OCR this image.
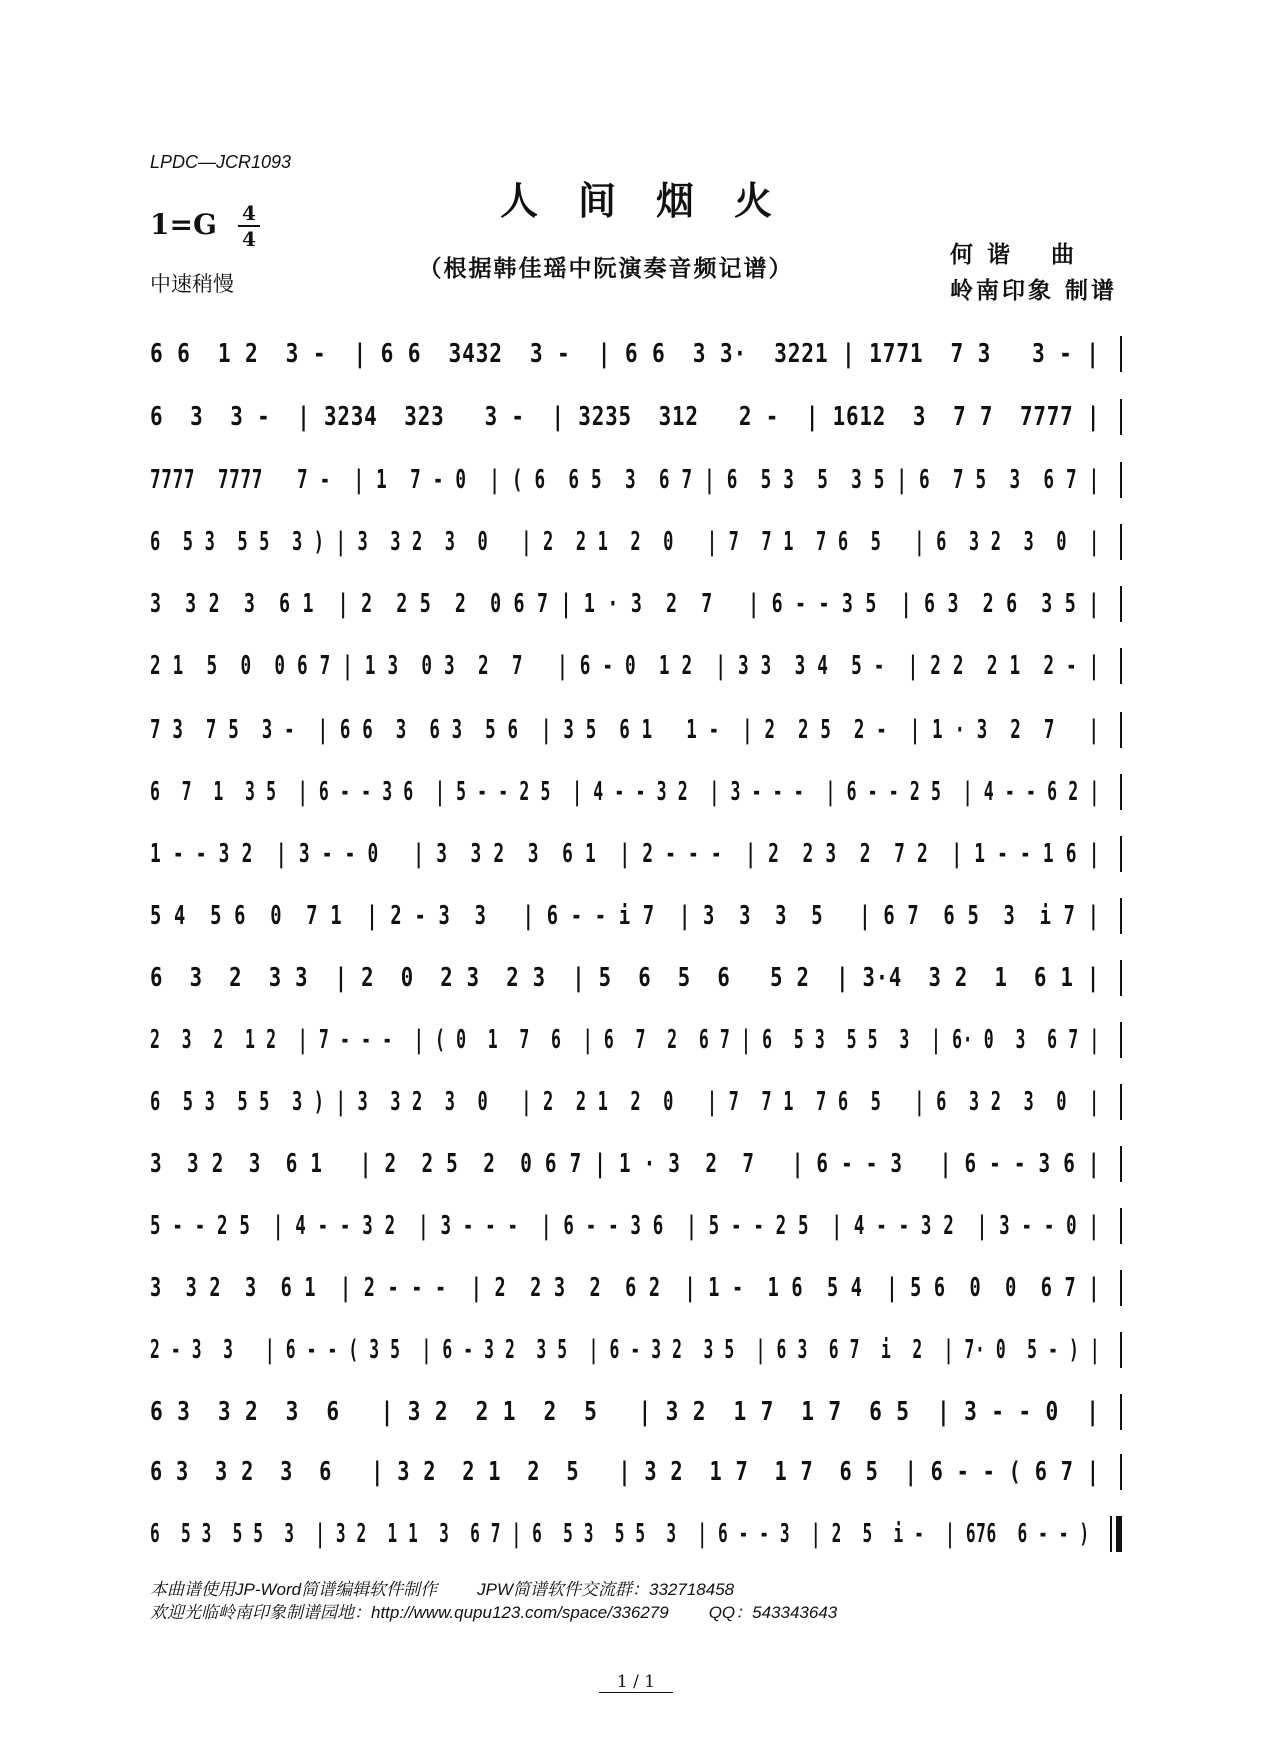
LPDC—JCR1093
人间烟火
1=G 4
4
中速稍慢
（根据韩佳瑶中阮演奏音频记谱）
何 谐 曲
岭南印象 制谱
6 6  1 2  3 -  | 6 6  3432  3 -  | 6 6  3 3·  3221 | 1771  7 3   3 - |
6  3  3 -  | 3234  323   3 -  | 3235  312   2 -  | 1612  3  7 7  7777 |
7777  7777   7 -  | 1  7 - 0  | ( 6  6 5  3  6 7 | 6  5 3  5  3 5 | 6  7 5  3  6 7 |
6  5 3  5 5  3 ) | 3  3 2  3  0   | 2  2 1  2  0   | 7  7 1  7 6  5   | 6  3 2  3  0  |
3  3 2  3  6 1  | 2  2 5  2  0 6 7 | 1 · 3  2  7   | 6 - - 3 5  | 6 3  2 6  3 5 |
2 1  5  0  0 6 7 | 1 3  0 3  2  7   | 6 - 0  1 2  | 3 3  3 4  5 -  | 2 2  2 1  2 - |
7 3  7 5  3 -  | 6 6  3  6 3  5 6  | 3 5  6 1   1 -  | 2  2 5  2 -  | 1 · 3  2  7   |
6  7  1  3 5  | 6 - - 3 6  | 5 - - 2 5  | 4 - - 3 2  | 3 - - -  | 6 - - 2 5  | 4 - - 6 2 |
1 - - 3 2  | 3 - - 0   | 3  3 2  3  6 1  | 2 - - -  | 2  2 3  2  7 2  | 1 - - 1 6 |
5 4  5 6  0  7 1  | 2 - 3  3   | 6 - - i 7  | 3  3  3  5   | 6 7  6 5  3  i 7 |
6  3  2  3 3  | 2  0  2 3  2 3  | 5  6  5  6   5 2  | 3·4  3 2  1  6 1 |
2  3  2  1 2  | 7 - - -  | ( 0  1  7  6  | 6  7  2  6 7 | 6  5 3  5 5  3  | 6· 0  3  6 7 |
6  5 3  5 5  3 ) | 3  3 2  3  0   | 2  2 1  2  0   | 7  7 1  7 6  5   | 6  3 2  3  0  |
3  3 2  3  6 1   | 2  2 5  2  0 6 7 | 1 · 3  2  7   | 6 - - 3   | 6 - - 3 6 |
5 - - 2 5  | 4 - - 3 2  | 3 - - -  | 6 - - 3 6  | 5 - - 2 5  | 4 - - 3 2  | 3 - - 0 |
3  3 2  3  6 1  | 2 - - -  | 2  2 3  2  6 2  | 1 -  1 6  5 4  | 5 6  0  0  6 7 |
2 - 3  3   | 6 - - ( 3 5  | 6 - 3 2  3 5  | 6 - 3 2  3 5  | 6 3  6 7  i  2  | 7· 0  5 - ) |
6 3  3 2  3  6   | 3 2  2 1  2  5   | 3 2  1 7  1 7  6 5  | 3 - - 0  |
6 3  3 2  3  6   | 3 2  2 1  2  5   | 3 2  1 7  1 7  6 5  | 6 - - ( 6 7 |
6  5 3  5 5  3  | 3 2  1 1  3  6 7 | 6  5 3  5 5  3  | 6 - - 3  | 2  5  i -  | 676  6 - - )
本曲谱使用JP-Word简谱编辑软件制作 JPW简谱软件交流群：332718458
欢迎光临岭南印象制谱园地：http://www.qupu123.com/space/336279 QQ：543343643
1 / 1
